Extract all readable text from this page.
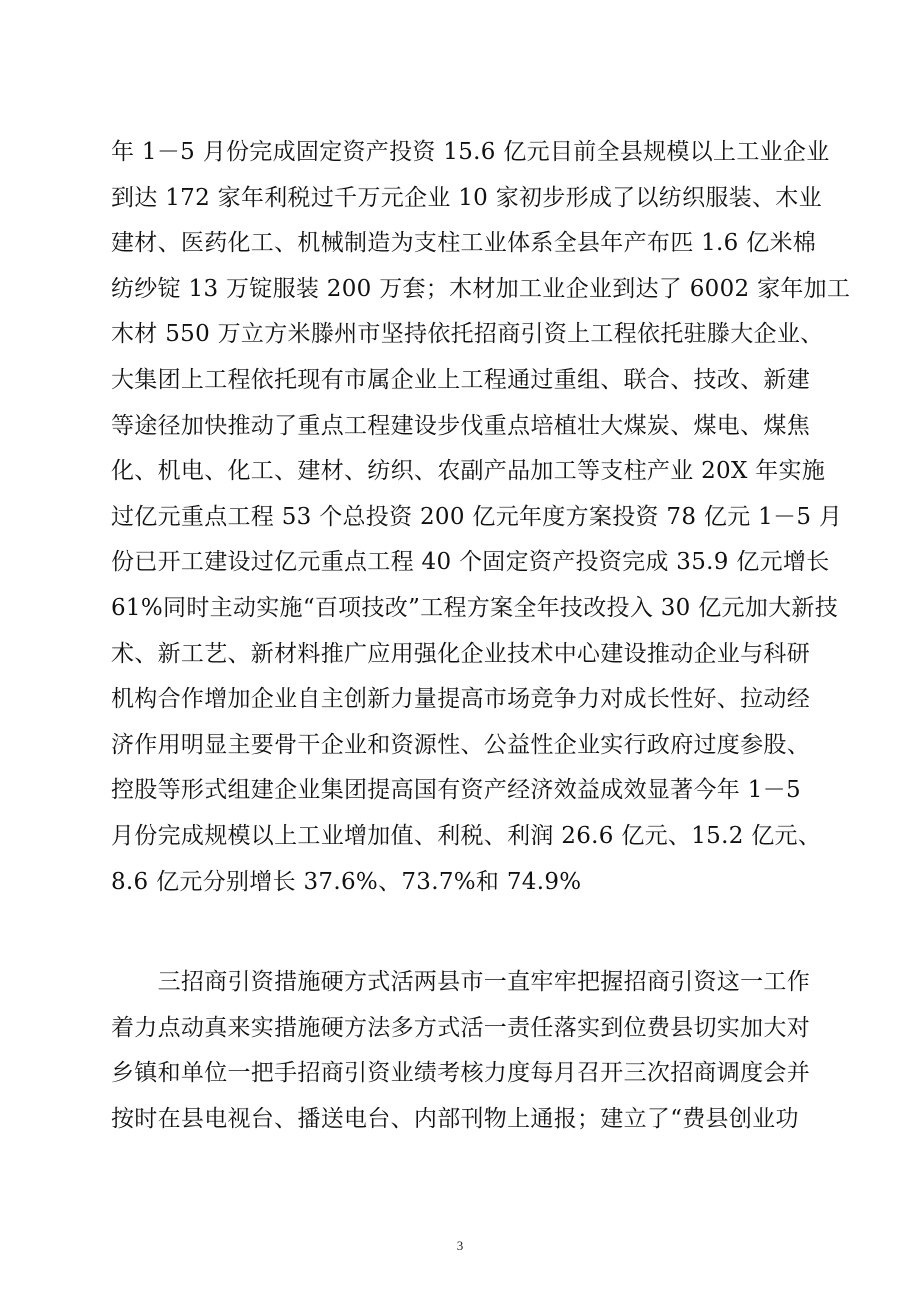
年 1－5 月份完成固定资产投资 15.6 亿元目前全县规模以上工业企业
到达 172 家年利税过千万元企业 10 家初步形成了以纺织服装、木业
建材、医药化工、机械制造为支柱工业体系全县年产布匹 1.6 亿米棉
纺纱锭 13 万锭服装 200 万套；木材加工业企业到达了 6002 家年加工
木材 550 万立方米滕州市坚持依托招商引资上工程依托驻滕大企业、
大集团上工程依托现有市属企业上工程通过重组、联合、技改、新建
等途径加快推动了重点工程建设步伐重点培植壮大煤炭、煤电、煤焦
化、机电、化工、建材、纺织、农副产品加工等支柱产业 20X 年实施
过亿元重点工程 53 个总投资 200 亿元年度方案投资 78 亿元 1－5 月
份已开工建设过亿元重点工程 40 个固定资产投资完成 35.9 亿元增长
61%同时主动实施“百项技改”工程方案全年技改投入 30 亿元加大新技
术、新工艺、新材料推广应用强化企业技术中心建设推动企业与科研
机构合作增加企业自主创新力量提高市场竞争力对成长性好、拉动经
济作用明显主要骨干企业和资源性、公益性企业实行政府过度参股、
控股等形式组建企业集团提高国有资产经济效益成效显著今年 1－5
月份完成规模以上工业增加值、利税、利润 26.6 亿元、15.2 亿元、
8.6 亿元分别增长 37.6%、73.7%和 74.9%
　　三招商引资措施硬方式活两县市一直牢牢把握招商引资这一工作
着力点动真来实措施硬方法多方式活一责任落实到位费县切实加大对
乡镇和单位一把手招商引资业绩考核力度每月召开三次招商调度会并
按时在县电视台、播送电台、内部刊物上通报；建立了“费县创业功
3
